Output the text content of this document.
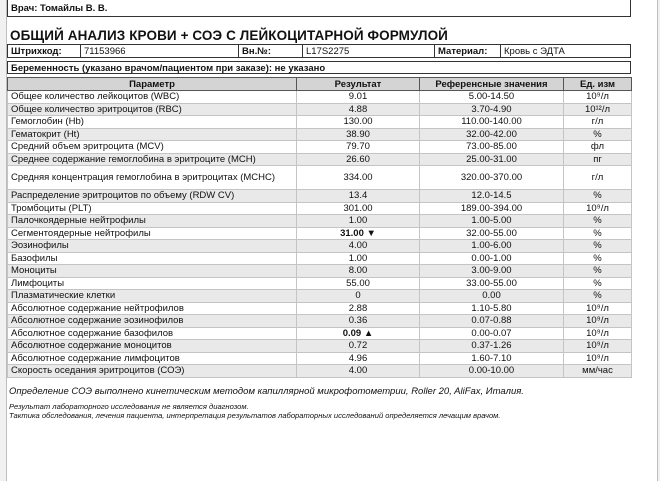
Врач: Томайлы В. В.
ОБЩИЙ АНАЛИЗ КРОВИ + СОЭ С ЛЕЙКОЦИТАРНОЙ ФОРМУЛОЙ
Штрихкод: 71153966	Вн.№:	L17S2275	Материал: Кровь с ЭДТА
Беременность (указано врачом/пациентом при заказе): не указано
Параметр	Результат	Референсные значения	Ед. изм
Общее количество лейкоцитов (WBC)	9.01	5.00-14.50	10⁹/л
Общее количество эритроцитов (RBC)	4.88	3.70-4.90	10¹²/л
Гемоглобин (Hb)	130.00	110.00-140.00	г/л
Гематокрит (Ht)	38.90	32.00-42.00	%
Средний объем эритроцита (MCV)	79.70	73.00-85.00	фл
Среднее содержание гемоглобина в эритроците (MCH)	26.60	25.00-31.00	пг
Средняя концентрация гемоглобина в эритроцитах (MCHC)	334.00	320.00-370.00	г/л
Распределение эритроцитов по объему (RDW CV)	13.4	12.0-14.5	%
Тромбоциты (PLT)	301.00	189.00-394.00	10⁹/л
Палочкоядерные нейтрофилы	1.00	1.00-5.00	%
Сегментоядерные нейтрофилы	31.00 ▼	32.00-55.00	%
Эозинофилы	4.00	1.00-6.00	%
Базофилы	1.00	0.00-1.00	%
Моноциты	8.00	3.00-9.00	%
Лимфоциты	55.00	33.00-55.00	%
Плазматические клетки	0	0.00	%
Абсолютное содержание нейтрофилов	2.88	1.10-5.80	10⁹/л
Абсолютное содержание эозинофилов	0.36	0.07-0.88	10⁹/л
Абсолютное содержание базофилов	0.09 ▲	0.00-0.07	10⁹/л
Абсолютное содержание моноцитов	0.72	0.37-1.26	10⁹/л
Абсолютное содержание лимфоцитов	4.96	1.60-7.10	10⁹/л
Скорость оседания эритроцитов (СОЭ)	4.00	0.00-10.00	мм/час
Определение СОЭ выполнено кинетическим методом капиллярной микрофотометрии, Roller 20, AliFax, Италия.
Результат лабораторного исследования не является диагнозом.
Тактика обследования, лечения пациента, интерпретация результатов лабораторных исследований определяется лечащим врачом.
